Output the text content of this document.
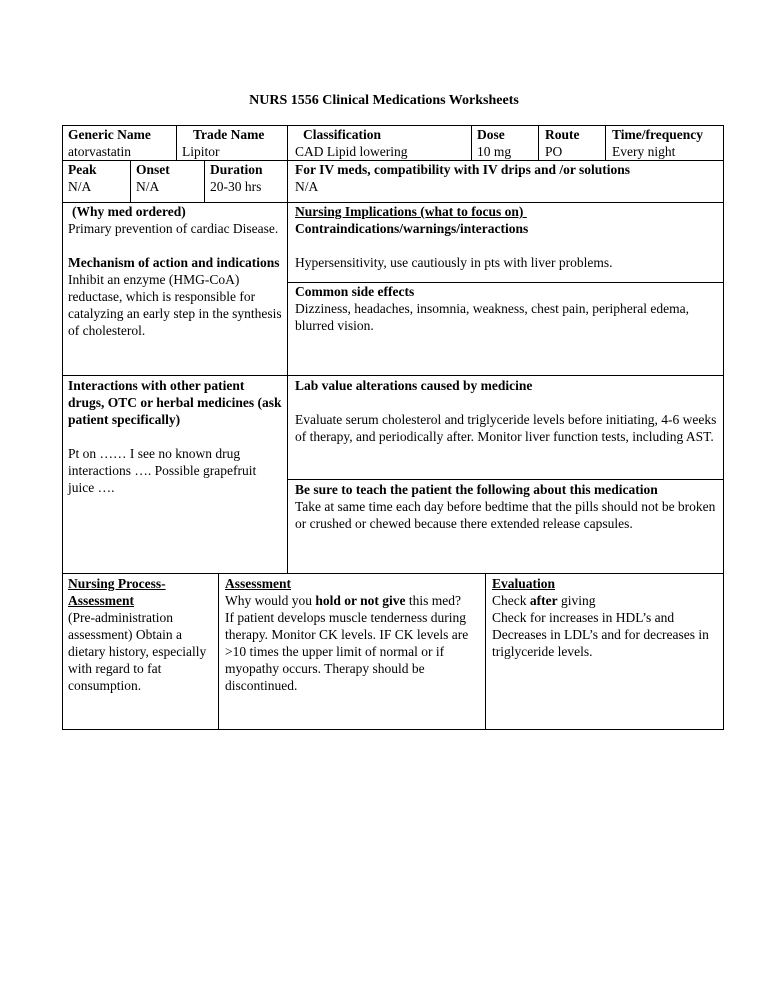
NURS 1556 Clinical Medications Worksheets
Generic Name
atorvastatin
Trade Name
Lipitor
Classification
CAD Lipid lowering
Dose
10 mg
Route
PO
Time/frequency
Every night
Peak
N/A
Onset
N/A
Duration
20-30 hrs
For IV meds, compatibility with IV drips and /or solutions
N/A
(Why med ordered)
Primary prevention of cardiac Disease.
Mechanism of action and indications
Inhibit an enzyme (HMG-CoA) reductase, which is responsible for catalyzing an early step in the synthesis of cholesterol.
Nursing Implications (what to focus on)
Contraindications/warnings/interactions
Hypersensitivity, use cautiously in pts with liver problems.
Common side effects
Dizziness, headaches, insomnia, weakness, chest pain, peripheral edema, blurred vision.
Interactions with other patient drugs, OTC or herbal medicines (ask patient specifically)
Pt on …… I see no known drug interactions …. Possible grapefruit juice ….
Lab value alterations caused by medicine
Evaluate serum cholesterol and triglyceride levels before initiating, 4-6 weeks of therapy, and periodically after. Monitor liver function tests, including AST.
Be sure to teach the patient the following about this medication
Take at same time each day before bedtime that the pills should not be broken or crushed or chewed because there extended release capsules.
Nursing Process- Assessment
(Pre-administration assessment) Obtain a dietary history, especially with regard to fat consumption.
Assessment
Why would you hold or not give this med?
If patient develops muscle tenderness during therapy. Monitor CK levels. IF CK levels are >10 times the upper limit of normal or if myopathy occurs. Therapy should be discontinued.
Evaluation
Check after giving
Check for increases in HDL’s and Decreases in LDL’s and for decreases in triglyceride levels.
